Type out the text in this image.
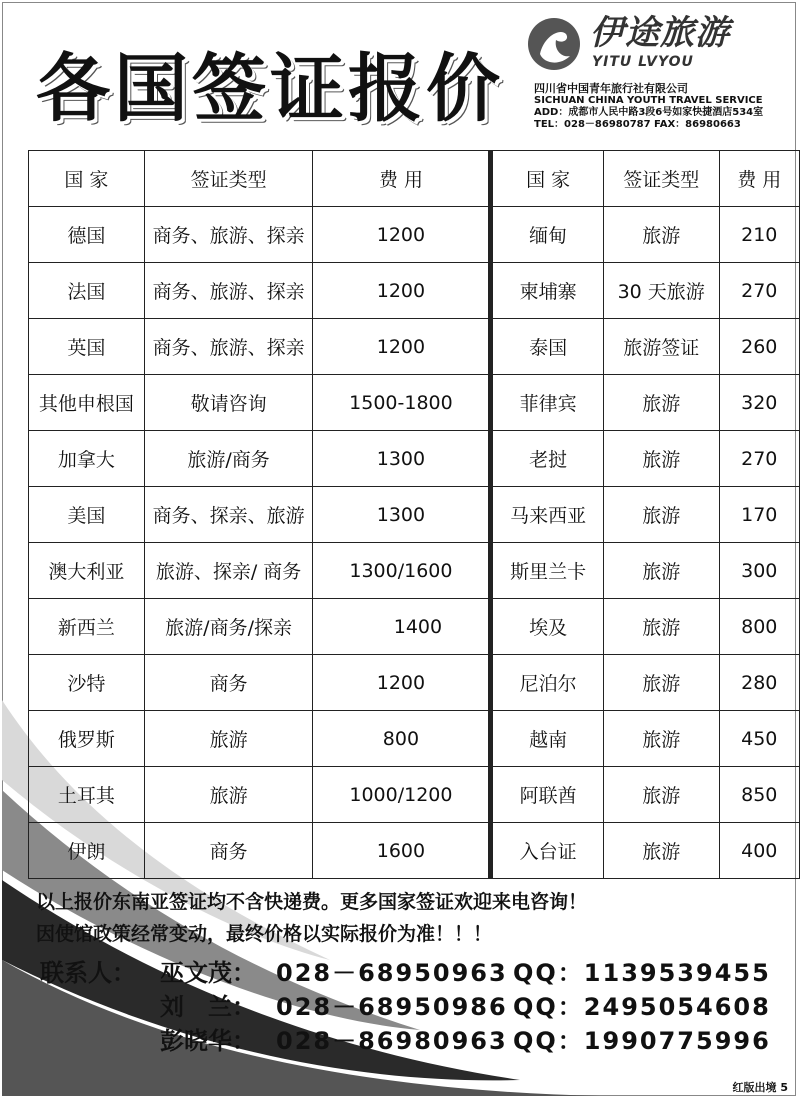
各国签证报价
伊途旅游
YITU LVYOU
四川省中国青年旅行社有限公司
SICHUAN CHINA YOUTH TRAVEL SERVICE
ADD：成都市人民中路3段6号如家快捷酒店534室
TEL：028－86980787 FAX：86980663
国 家	签证类型	费 用		国 家	签证类型	费 用
德国	商务、旅游、探亲	1200		缅甸	旅游	210
法国	商务、旅游、探亲	1200		柬埔寨	30 天旅游	270
英国	商务、旅游、探亲	1200		泰国	旅游签证	260
其他申根国	敬请咨询	1500-1800		菲律宾	旅游	320
加拿大	旅游/商务	1300		老挝	旅游	270
美国	商务、探亲、旅游	1300		马来西亚	旅游	170
澳大利亚	旅游、探亲/ 商务	1300/1600		斯里兰卡	旅游	300
新西兰	旅游/商务/探亲	1400		埃及	旅游	800
沙特	商务	1200		尼泊尔	旅游	280
俄罗斯	旅游	800		越南	旅游	450
土耳其	旅游	1000/1200		阿联酋	旅游	850
伊朗	商务	1600		入台证	旅游	400
以上报价东南亚签证均不含快递费。更多国家签证欢迎来电咨询！
因使馆政策经常变动，最终价格以实际报价为准！！！
联系人： 巫文茂： 028－68950963 QQ：1139539455
刘　兰： 028－68950986 QQ：2495054608
彭晓华： 028－86980963 QQ：1990775996
红版出境 5
